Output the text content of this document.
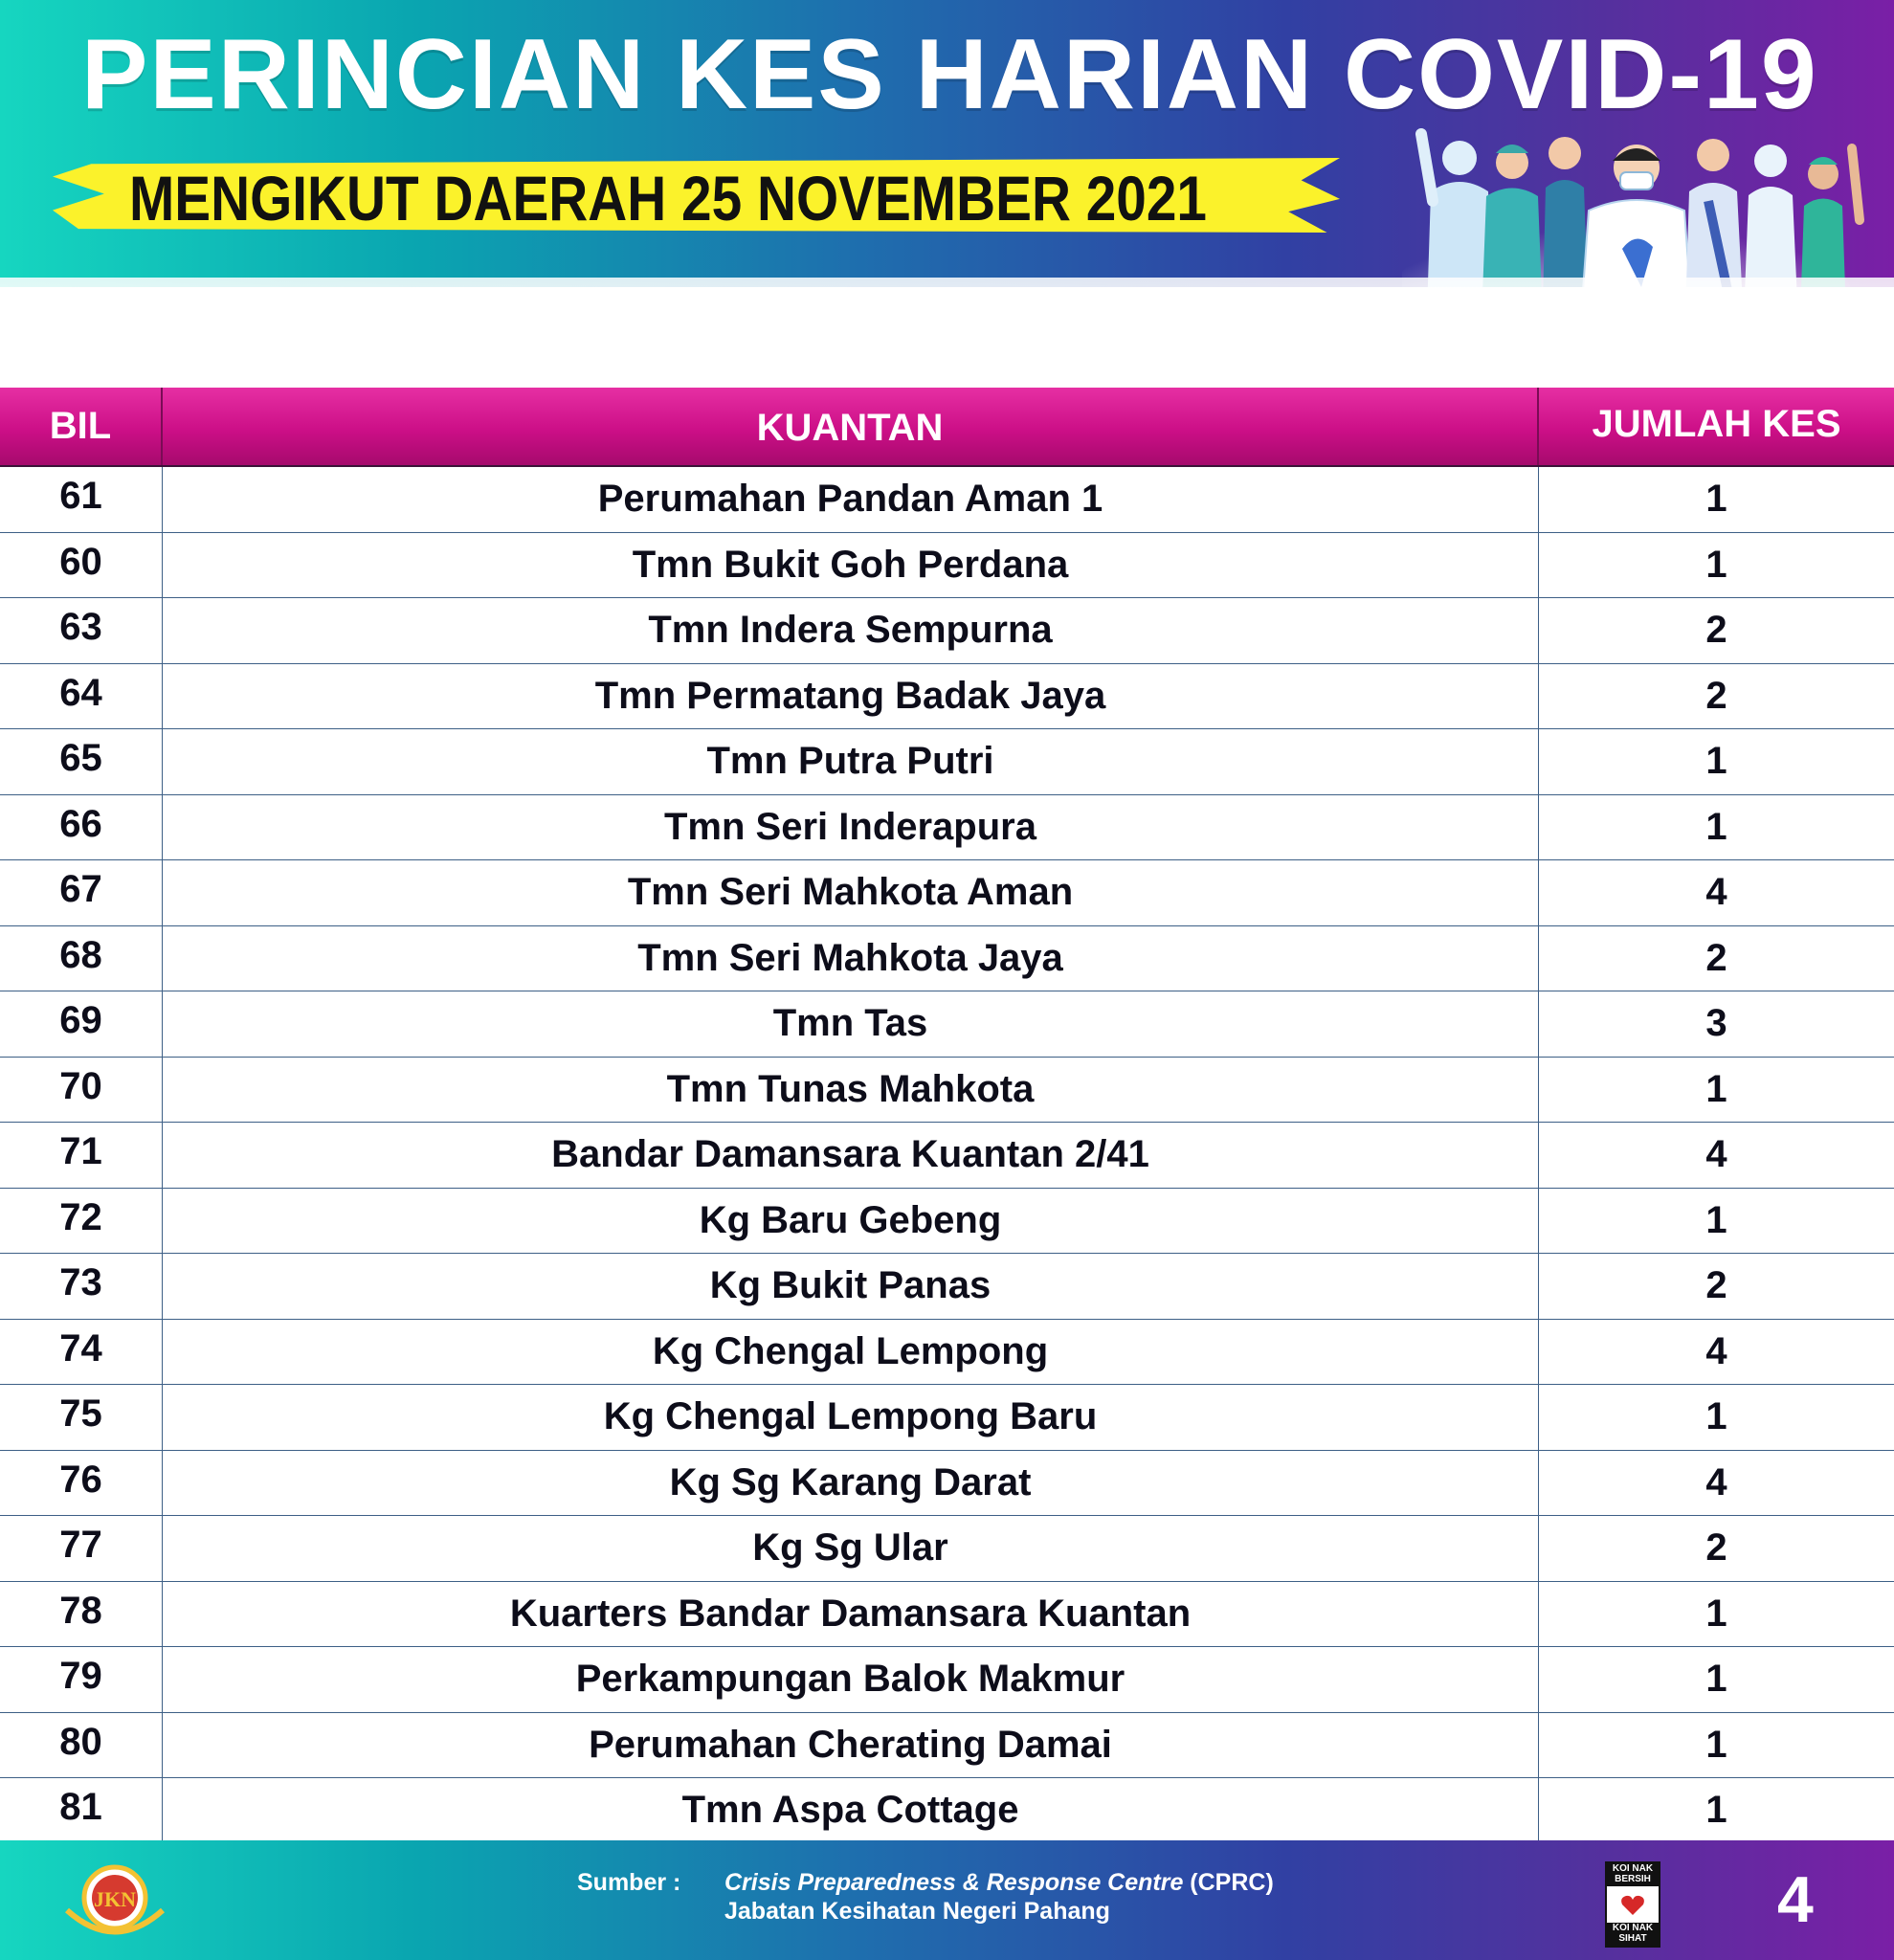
PERINCIAN KES HARIAN COVID-19
MENGIKUT DAERAH 25 NOVEMBER 2021
BIL	KUANTAN	JUMLAH KES
61	Perumahan Pandan Aman 1	1
60	Tmn Bukit Goh Perdana	1
63	Tmn Indera Sempurna	2
64	Tmn Permatang Badak Jaya	2
65	Tmn Putra Putri	1
66	Tmn Seri Inderapura	1
67	Tmn Seri Mahkota Aman	4
68	Tmn Seri Mahkota Jaya	2
69	Tmn Tas	3
70	Tmn Tunas Mahkota	1
71	Bandar Damansara Kuantan 2/41	4
72	Kg Baru Gebeng	1
73	Kg Bukit Panas	2
74	Kg Chengal Lempong	4
75	Kg Chengal Lempong Baru	1
76	Kg Sg Karang Darat	4
77	Kg Sg Ular	2
78	Kuarters Bandar Damansara Kuantan	1
79	Perkampungan Balok Makmur	1
80	Perumahan Cherating Damai	1
81	Tmn Aspa Cottage	1
JKN
Sumber : Crisis Preparedness & Response Centre (CPRC)
Jabatan Kesihatan Negeri Pahang
KOI NAK BERSIH
KOI NAK SIHAT
4
